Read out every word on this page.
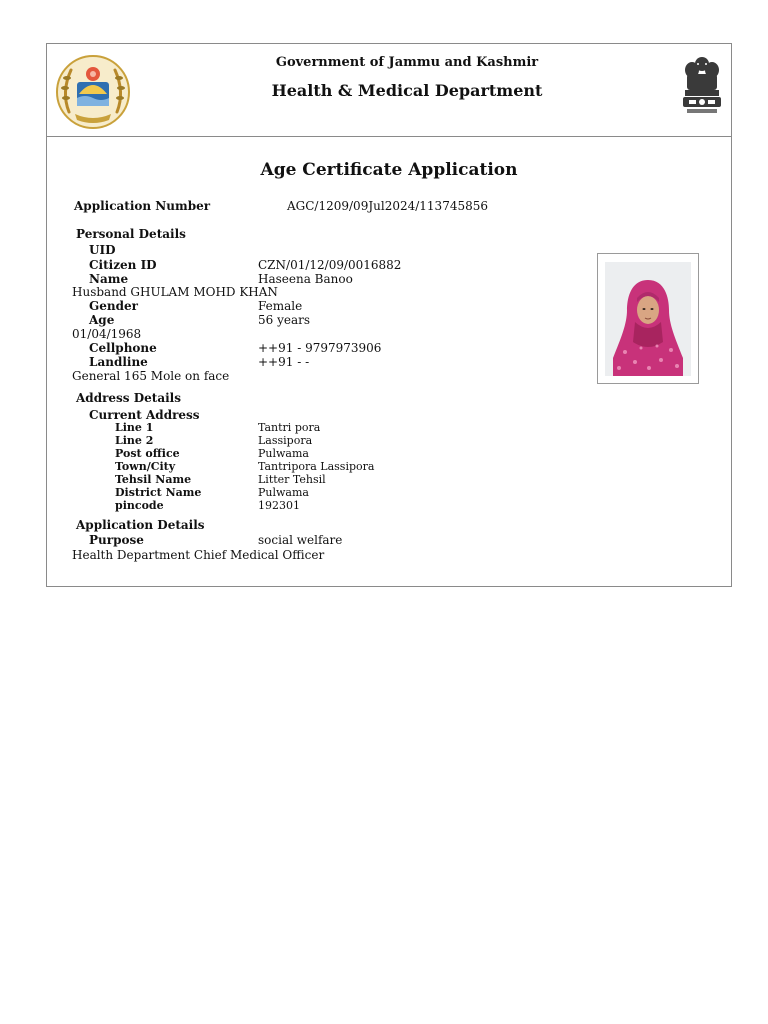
Government of Jammu and Kashmir
Health & Medical Department
Age Certificate Application
Application Number	AGC/1209/09Jul2024/113745856
Personal Details
UID
Citizen ID	CZN/01/12/09/0016882
Name	Haseena Banoo
Husband GHULAM MOHD KHAN
Gender	Female
Age	56 years
01/04/1968
Cellphone	++91 - 9797973906
Landline	++91 - -
General 165 Mole on face
Address Details
Current Address
Line 1	Tantri pora
Line 2	Lassipora
Post office	Pulwama
Town/City	Tantripora Lassipora
Tehsil Name	Litter Tehsil
District Name	Pulwama
pincode	192301
Application Details
Purpose	social welfare
Health Department Chief Medical Officer
